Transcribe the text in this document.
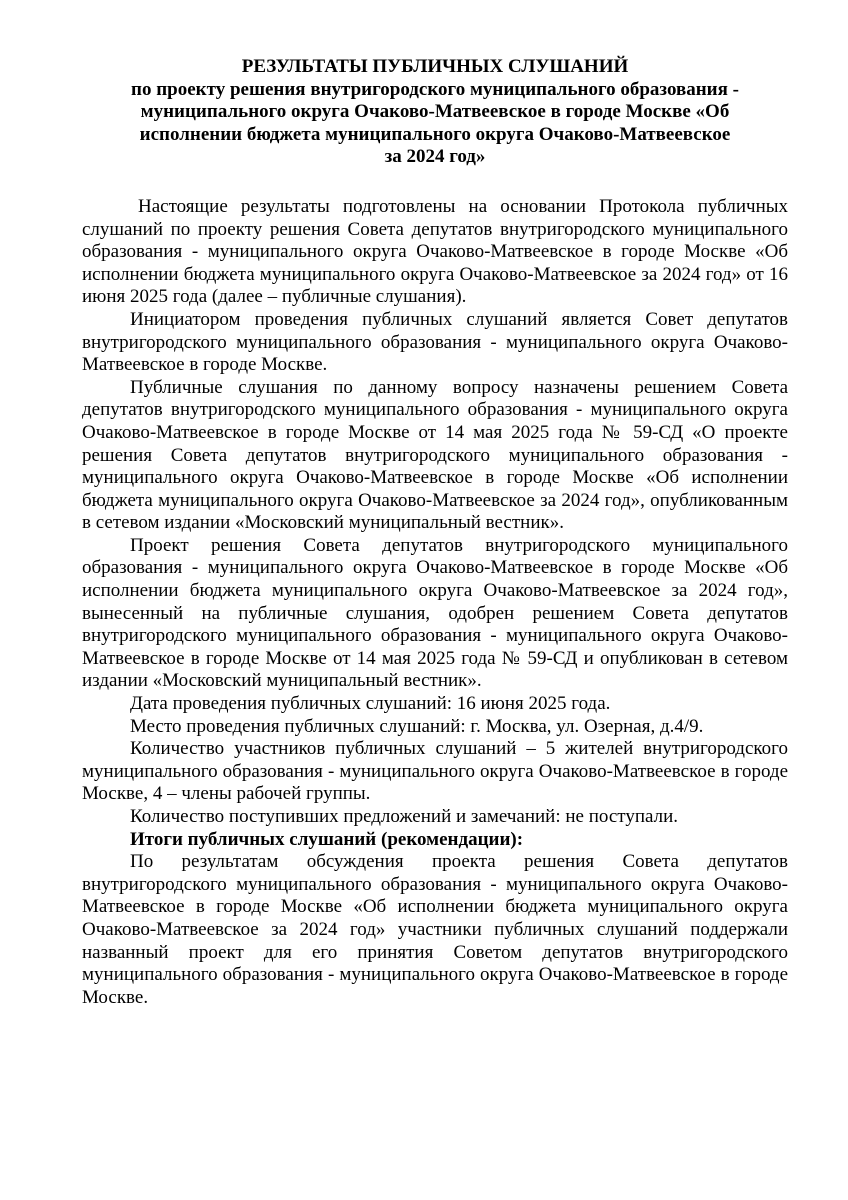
РЕЗУЛЬТАТЫ ПУБЛИЧНЫХ СЛУШАНИЙ
по проекту решения внутригородского муниципального образования -
муниципального округа Очаково-Матвеевское в городе Москве «Об
исполнении бюджета муниципального округа Очаково-Матвеевское
за 2024 год»

Настоящие результаты подготовлены на основании Протокола публичных слушаний по проекту решения Совета депутатов внутригородского муниципального образования - муниципального округа Очаково-Матвеевское в городе Москве «Об исполнении бюджета муниципального округа Очаково-Матвеевское за 2024 год» от 16 июня 2025 года (далее – публичные слушания).

Инициатором проведения публичных слушаний является Совет депутатов внутригородского муниципального образования - муниципального округа Очаково-Матвеевское в городе Москве.

Публичные слушания по данному вопросу назначены решением Совета депутатов внутригородского муниципального образования - муниципального округа Очаково-Матвеевское в городе Москве от 14 мая 2025 года № 59-СД «О проекте решения Совета депутатов внутригородского муниципального образования - муниципального округа Очаково-Матвеевское в городе Москве «Об исполнении бюджета муниципального округа Очаково-Матвеевское за 2024 год», опубликованным в сетевом издании «Московский муниципальный вестник».

Проект решения Совета депутатов внутригородского муниципального образования - муниципального округа Очаково-Матвеевское в городе Москве «Об исполнении бюджета муниципального округа Очаково-Матвеевское за 2024 год», вынесенный на публичные слушания, одобрен решением Совета депутатов внутригородского муниципального образования - муниципального округа Очаково-Матвеевское в городе Москве от 14 мая 2025 года № 59-СД и опубликован в сетевом издании «Московский муниципальный вестник».

Дата проведения публичных слушаний: 16 июня 2025 года.

Место проведения публичных слушаний: г. Москва, ул. Озерная, д.4/9.

Количество участников публичных слушаний – 5 жителей внутригородского муниципального образования - муниципального округа Очаково-Матвеевское в городе Москве, 4 – члены рабочей группы.

Количество поступивших предложений и замечаний: не поступали.

Итоги публичных слушаний (рекомендации):

По результатам обсуждения проекта решения Совета депутатов внутригородского муниципального образования - муниципального округа Очаково-Матвеевское в городе Москве «Об исполнении бюджета муниципального округа Очаково-Матвеевское за 2024 год» участники публичных слушаний поддержали названный проект для его принятия Советом депутатов внутригородского муниципального образования - муниципального округа Очаково-Матвеевское в городе Москве.
